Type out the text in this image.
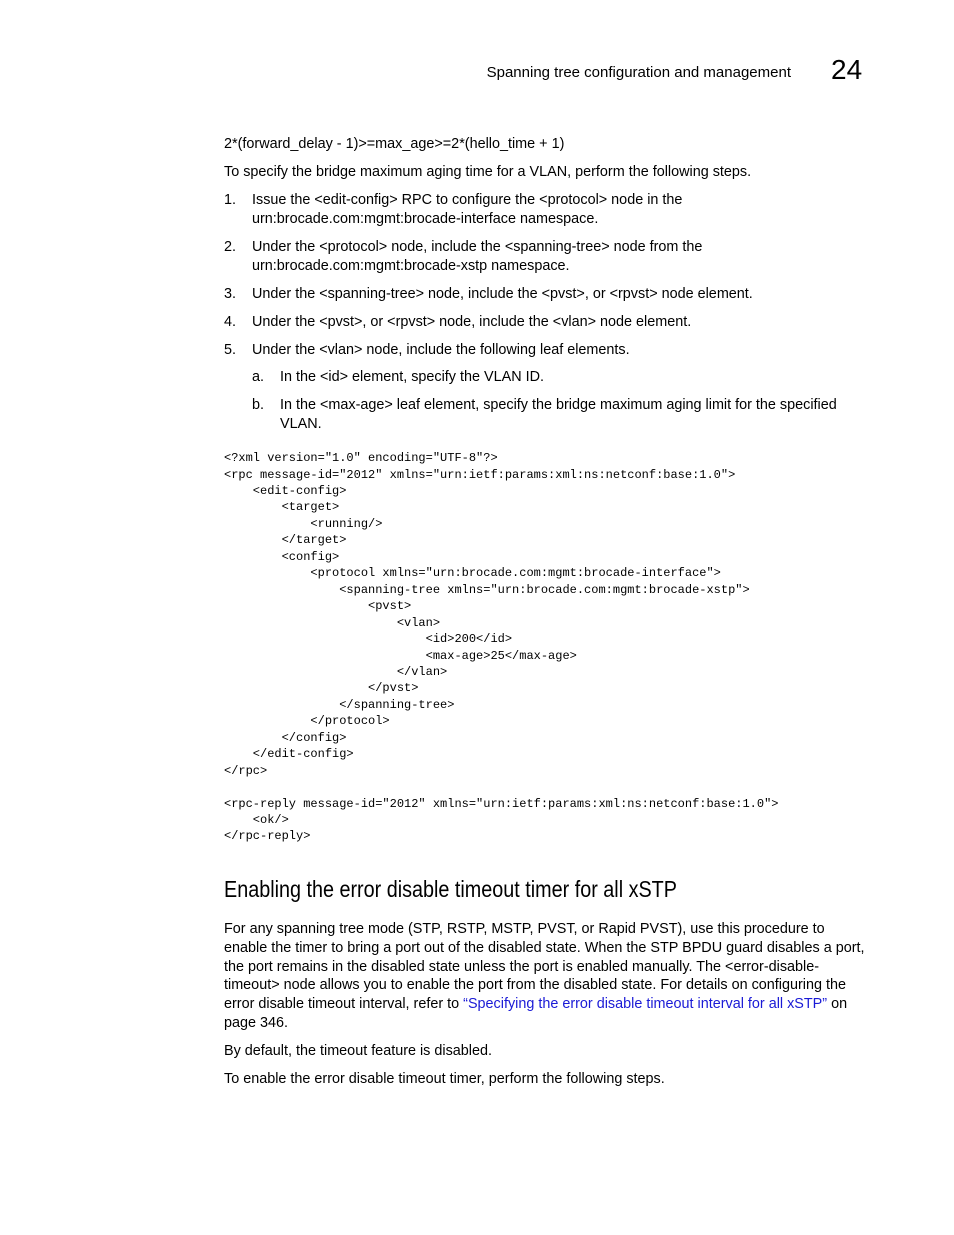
Spanning tree configuration and management 24

2*(forward_delay - 1)>=max_age>=2*(hello_time + 1)

To specify the bridge maximum aging time for a VLAN, perform the following steps.

1. Issue the <edit-config> RPC to configure the <protocol> node in the urn:brocade.com:mgmt:brocade-interface namespace.
2. Under the <protocol> node, include the <spanning-tree> node from the urn:brocade.com:mgmt:brocade-xstp namespace.
3. Under the <spanning-tree> node, include the <pvst>, or <rpvst> node element.
4. Under the <pvst>, or <rpvst> node, include the <vlan> node element.
5. Under the <vlan> node, include the following leaf elements.
a. In the <id> element, specify the VLAN ID.
b. In the <max-age> leaf element, specify the bridge maximum aging limit for the specified VLAN.
<?xml version="1.0" encoding="UTF-8"?>
<rpc message-id="2012" xmlns="urn:ietf:params:xml:ns:netconf:base:1.0">
<edit-config>
<target>
<running/>
</target>
<config>
<protocol xmlns="urn:brocade.com:mgmt:brocade-interface">
<spanning-tree xmlns="urn:brocade.com:mgmt:brocade-xstp">
<pvst>
<vlan>
<id>200</id>
<max-age>25</max-age>
</vlan>
</pvst>
</spanning-tree>
</protocol>
</config>
</edit-config>
</rpc>

<rpc-reply message-id="2012" xmlns="urn:ietf:params:xml:ns:netconf:base:1.0">
<ok/>
</rpc-reply>
Enabling the error disable timeout timer for all xSTP

For any spanning tree mode (STP, RSTP, MSTP, PVST, or Rapid PVST), use this procedure to enable the timer to bring a port out of the disabled state. When the STP BPDU guard disables a port, the port remains in the disabled state unless the port is enabled manually. The <error-disable-timeout> node allows you to enable the port from the disabled state. For details on configuring the error disable timeout interval, refer to “Specifying the error disable timeout interval for all xSTP” on page 346.

By default, the timeout feature is disabled.

To enable the error disable timeout timer, perform the following steps.
